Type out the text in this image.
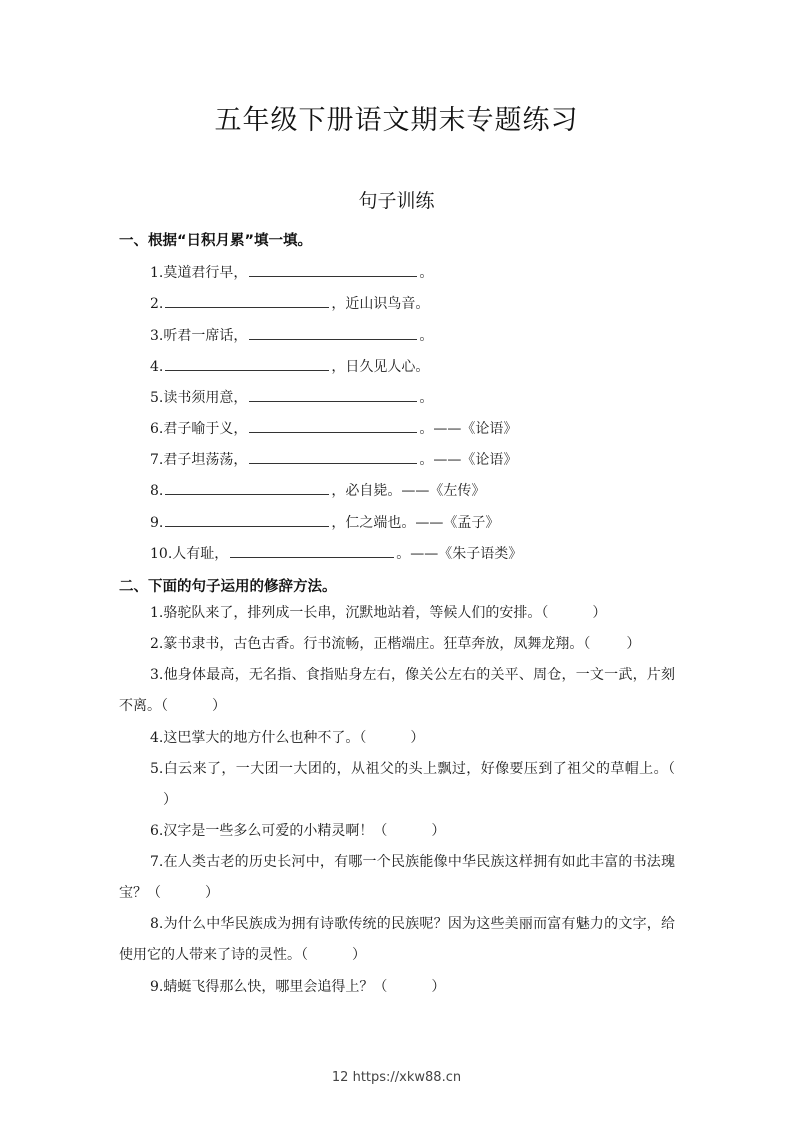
五年级下册语文期末专题练习
句子训练
一、根据“日积月累”填一填。
1.莫道君行早，	。
2.	，近山识鸟音。
3.听君一席话，	。
4.	，日久见人心。
5.读书须用意，	。
6.君子喻于义，	。——《论语》
7.君子坦荡荡，	。——《论语》
8.	，必自毙。——《左传》
9.	，仁之端也。——《孟子》
10.人有耻，	。——《朱子语类》
二、下面的句子运用的修辞方法。
1.骆驼队来了，排列成一长串，沉默地站着，等候人们的安排。（	）
2.篆书隶书，古色古香。行书流畅，正楷端庄。狂草奔放，凤舞龙翔。（	）
3.他身体最高，无名指、食指贴身左右，像关公左右的关平、周仓，一文一武，片刻不离。（	）
4.这巴掌大的地方什么也种不了。（	）
5.白云来了，一大团一大团的，从祖父的头上飘过，好像要压到了祖父的草帽上。（）
6.汉字是一些多么可爱的小精灵啊！（	）
7.在人类古老的历史长河中，有哪一个民族能像中华民族这样拥有如此丰富的书法瑰宝？（	）
8.为什么中华民族成为拥有诗歌传统的民族呢？因为这些美丽而富有魅力的文字，给使用它的人带来了诗的灵性。（	）
9.蜻蜓飞得那么快，哪里会追得上？（	）
12 https://xkw88.cn
